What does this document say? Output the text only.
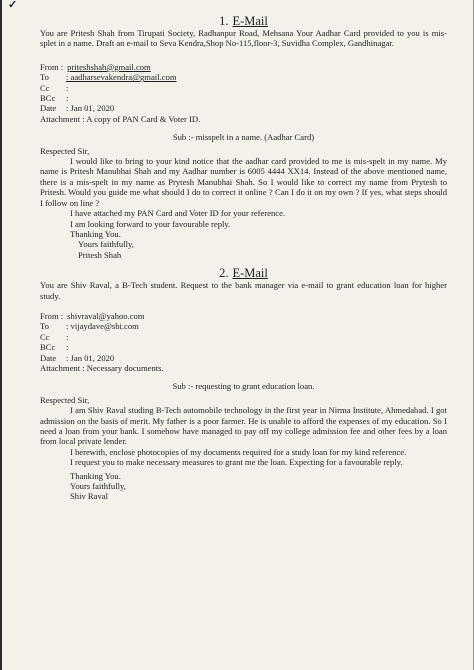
✓
1. E-Mail

You are Pritesh Shah from Tirupati Society, Radhanpur Road, Mehsana Your Aadhar Card provided to you is mis-splet in a name. Draft an e-mail to Seva Kendra,Shop No-115,floor-3, Suvidha Complex, Gandhinagar.

From : priteshshah@gmail.com
To	: aadharsevakendra@gmail.com
Cc	:
BCc	:
Date	: Jan 01, 2020

Attachment : A copy of PAN Card & Voter ID.

Sub :- misspelt in a name. (Aadhar Card)

Respected Sir,

I would like to bring to your kind notice that the aadhar card provided to me is mis-spelt in my name. My name is Pritesh Manubhai Shah and my Aadhar number is 6005 4444 XX14. Instead of the above mentioned name, there is a mis-spelt in my name as Prytesh Manubhai Shah. So I would like to correct my name from Prytesh to Pritesh. Would you guide me what should I do to correct it online ? Can I do it on my own ? If yes, what steps should I follow on line ?

I have attached my PAN Card and Voter ID for your reference.

I am looking forward to your favourable reply.

Thanking You.

Yours faithfully,

Pritesh Shah

2. E-Mail

You are Shiv Raval, a B-Tech student. Request to the bank manager via e-mail to grant education loan for higher study.

From : shivraval@yahoo.com
To	: vijaydave@sbi.com
Cc	:
BCc	:
Date	: Jan 01, 2020

Attachment : Necessary documents.

Sub :- requesting to grant education loan.

Respected Sir,

I am Shiv Raval studing B-Tech automobile technology in the first year in Nirma Institute, Ahmedabad. I got admission on the basis of merit. My father is a poor farmer. He is unable to afford the expenses of my education. So I need a loan from your bank. I somehow have managed to pay off my college admission fee and other fees by a loan from local private lender.

I herewith, enclose photocopies of my documents required for a study loan for my kind reference.

I request you to make necessary measures to grant me the loan. Expecting for a favourable reply.

Thanking You.

Yours faithfully,

Shiv Raval
